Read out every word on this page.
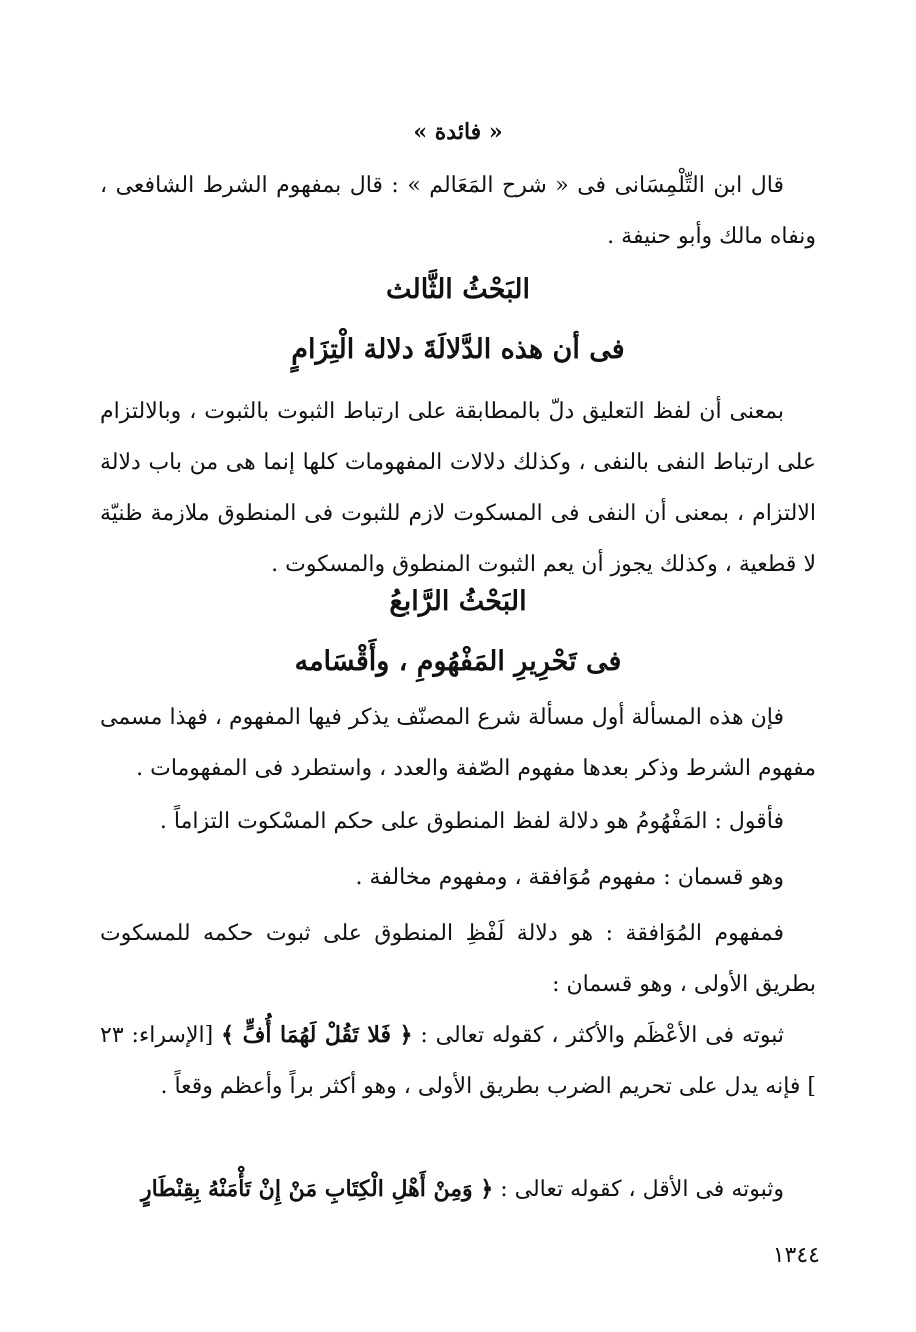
« فائدة »
قال ابن التِّلْمِسَانى فى « شرح المَعَالم » : قال بمفهوم الشرط الشافعى ، ونفاه مالك وأبو حنيفة .
البَحْثُ الثَّالث
فى أن هذه الدَّلالَةَ دلالة الْتِزَامٍ
بمعنى أن لفظ التعليق دلّ بالمطابقة على ارتباط الثبوت بالثبوت ، وبالالتزام على ارتباط النفى بالنفى ، وكذلك دلالات المفهومات كلها إنما هى من باب دلالة الالتزام ، بمعنى أن النفى فى المسكوت لازم للثبوت فى المنطوق ملازمة ظنيّة لا قطعية ، وكذلك يجوز أن يعم الثبوت المنطوق والمسكوت .
البَحْثُ الرَّابعُ
فى تَحْرِيرِ المَفْهُومِ ، وأَقْسَامه
فإن هذه المسألة أول مسألة شرع المصنّف يذكر فيها المفهوم ، فهذا مسمى مفهوم الشرط وذكر بعدها مفهوم الصّفة والعدد ، واستطرد فى المفهومات .
فأقول : المَفْهُومُ هو دلالة لفظ المنطوق على حكم المسْكوت التزاماً .
وهو قسمان : مفهوم مُوَافقة ، ومفهوم مخالفة .
فمفهوم المُوَافقة : هو دلالة لَفْظِ المنطوق على ثبوت حكمه للمسكوت بطريق الأولى ، وهو قسمان :
ثبوته فى الأعْظَم والأكثر ، كقوله تعالى : ﴿ فَلا تَقُلْ لَهُمَا أُفٍّ ﴾ [الإسراء: ٢٣ ] فإنه يدل على تحريم الضرب بطريق الأولى ، وهو أكثر براً وأعظم وقعاً .
وثبوته فى الأقل ، كقوله تعالى : ﴿ وَمِنْ أَهْلِ الْكِتَابِ مَنْ إِنْ تَأْمَنْهُ بِقِنْطَارٍ
١٣٤٤
